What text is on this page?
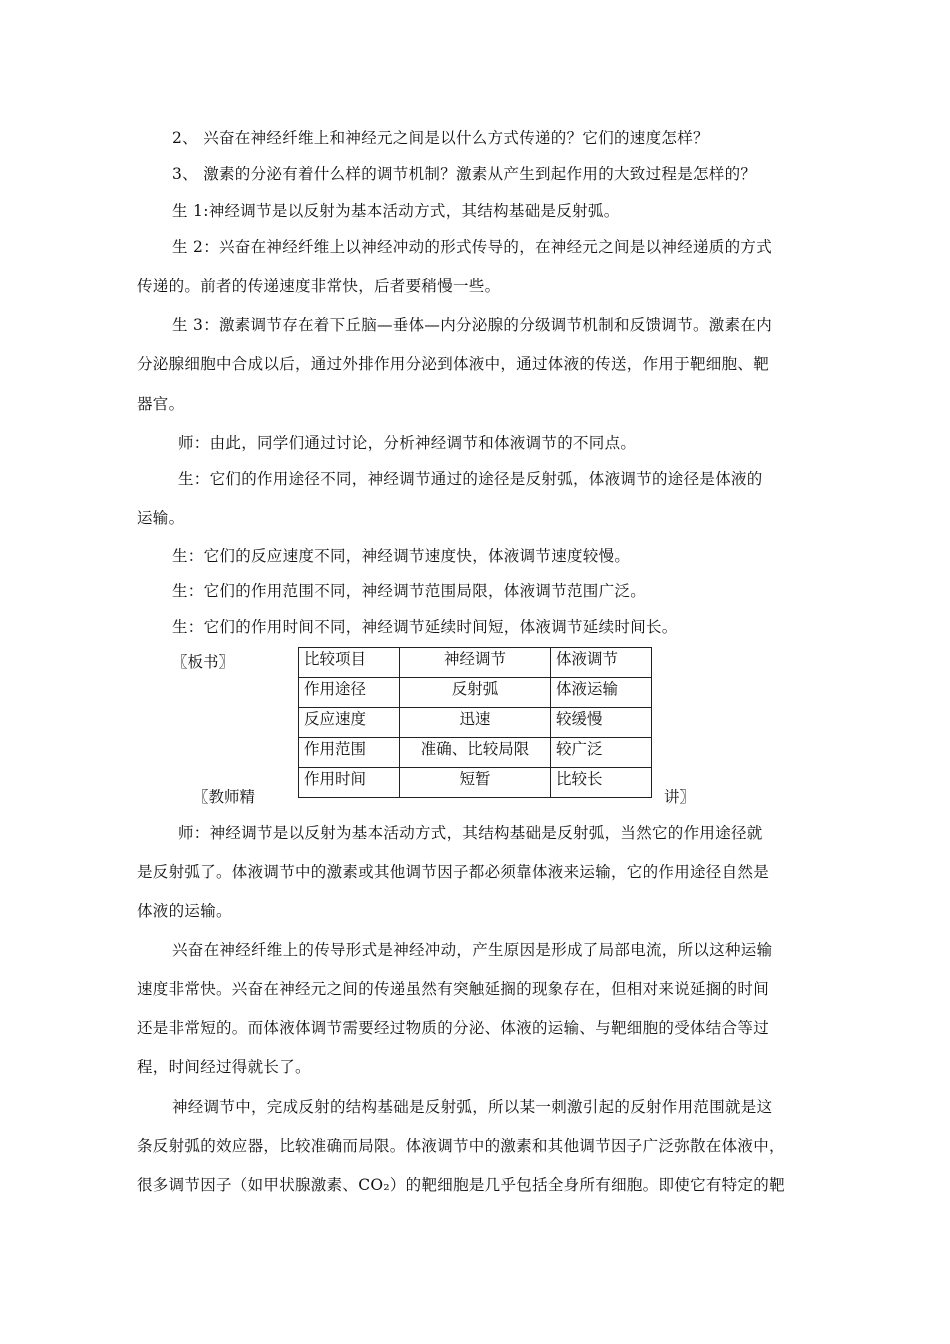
2、 兴奋在神经纤维上和神经元之间是以什么方式传递的？它们的速度怎样？
3、 激素的分泌有着什么样的调节机制？激素从产生到起作用的大致过程是怎样的？
生 1:神经调节是以反射为基本活动方式，其结构基础是反射弧。
生 2：兴奋在神经纤维上以神经冲动的形式传导的，在神经元之间是以神经递质的方式
传递的。前者的传递速度非常快，后者要稍慢一些。
生 3：激素调节存在着下丘脑—垂体—内分泌腺的分级调节机制和反馈调节。激素在内
分泌腺细胞中合成以后，通过外排作用分泌到体液中，通过体液的传送，作用于靶细胞、靶
器官。
师：由此，同学们通过讨论，分析神经调节和体液调节的不同点。
生：它们的作用途径不同，神经调节通过的途径是反射弧，体液调节的途径是体液的
运输。
生：它们的反应速度不同，神经调节速度快，体液调节速度较慢。
生：它们的作用范围不同，神经调节范围局限，体液调节范围广泛。
生：它们的作用时间不同，神经调节延续时间短，体液调节延续时间长。
〖板书〗	比较项目	神经调节	体液调节
作用途径	反射弧	体液运输
反应速度	迅速	较缓慢
作用范围	准确、比较局限	较广泛
作用时间	短暂	比较长
〖教师精	讲〗
师：神经调节是以反射为基本活动方式，其结构基础是反射弧，当然它的作用途径就
是反射弧了。体液调节中的激素或其他调节因子都必须靠体液来运输，它的作用途径自然是
体液的运输。
兴奋在神经纤维上的传导形式是神经冲动，产生原因是形成了局部电流，所以这种运输
速度非常快。兴奋在神经元之间的传递虽然有突触延搁的现象存在，但相对来说延搁的时间
还是非常短的。而体液体调节需要经过物质的分泌、体液的运输、与靶细胞的受体结合等过
程，时间经过得就长了。
神经调节中，完成反射的结构基础是反射弧，所以某一刺激引起的反射作用范围就是这
条反射弧的效应器，比较准确而局限。体液调节中的激素和其他调节因子广泛弥散在体液中，
很多调节因子（如甲状腺激素、CO₂）的靶细胞是几乎包括全身所有细胞。即使它有特定的靶
